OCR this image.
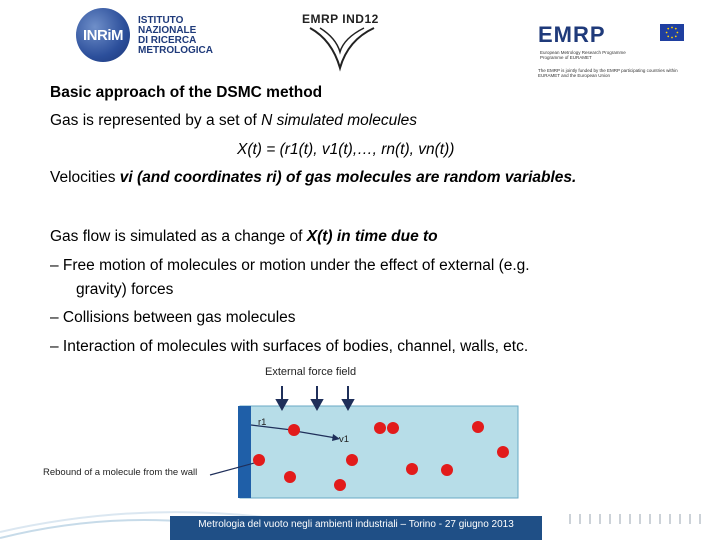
INRiM
ISTITUTO
NAZIONALE
DI RICERCA
METROLOGICA
EMRP IND12
EMRP
European Metrology Research Programme
Programme of EURAMET
The EMRP is jointly funded by the EMRP participating countries within EURAMET and the European Union
Basic approach of the DSMC method
Gas is represented by a set of N simulated molecules
X(t) = (r1(t), v1(t),…, rn(t), vn(t))
Velocities vi (and coordinates ri) of gas molecules are random variables.
Gas flow is simulated as a change of X(t) in time due to
– Free motion of molecules or motion under the effect of external (e.g.
gravity) forces
– Collisions between gas molecules
– Interaction of molecules with surfaces of bodies, channel, walls, etc.
External force field
r1
v1
Rebound of a molecule from the wall
Metrologia del vuoto negli ambienti industriali – Torino - 27 giugno 2013
